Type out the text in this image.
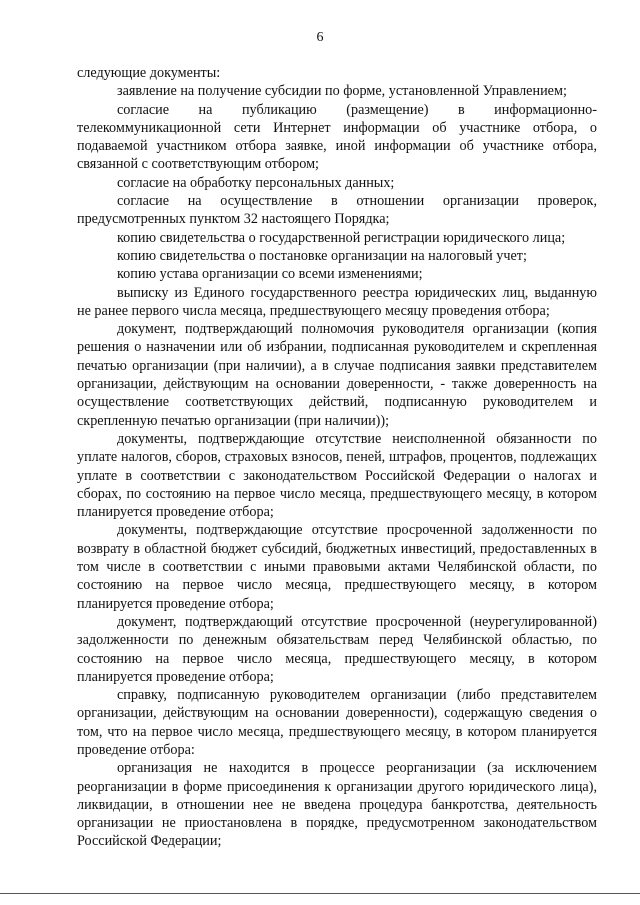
6

следующие документы:

заявление на получение субсидии по форме, установленной Управлением;

согласие на публикацию (размещение) в информационно-телекоммуникационной сети Интернет информации об участнике отбора, о подаваемой участником отбора заявке, иной информации об участнике отбора, связанной с соответствующим отбором;

согласие на обработку персональных данных;

согласие на осуществление в отношении организации проверок, предусмотренных пунктом 32 настоящего Порядка;

копию свидетельства о государственной регистрации юридического лица;

копию свидетельства о постановке организации на налоговый учет;

копию устава организации со всеми изменениями;

выписку из Единого государственного реестра юридических лиц, выданную не ранее первого числа месяца, предшествующего месяцу проведения отбора;

документ, подтверждающий полномочия руководителя организации (копия решения о назначении или об избрании, подписанная руководителем и скрепленная печатью организации (при наличии), а в случае подписания заявки представителем организации, действующим на основании доверенности, - также доверенность на осуществление соответствующих действий, подписанную руководителем и скрепленную печатью организации (при наличии));

документы, подтверждающие отсутствие неисполненной обязанности по уплате налогов, сборов, страховых взносов, пеней, штрафов, процентов, подлежащих уплате в соответствии с законодательством Российской Федерации о налогах и сборах, по состоянию на первое число месяца, предшествующего месяцу, в котором планируется проведение отбора;

документы, подтверждающие отсутствие просроченной задолженности по возврату в областной бюджет субсидий, бюджетных инвестиций, предоставленных в том числе в соответствии с иными правовыми актами Челябинской области, по состоянию на первое число месяца, предшествующего месяцу, в котором планируется проведение отбора;

документ, подтверждающий отсутствие просроченной (неурегулированной) задолженности по денежным обязательствам перед Челябинской областью, по состоянию на первое число месяца, предшествующего месяцу, в котором планируется проведение отбора;

справку, подписанную руководителем организации (либо представителем организации, действующим на основании доверенности), содержащую сведения о том, что на первое число месяца, предшествующего месяцу, в котором планируется проведение отбора:

организация не находится в процессе реорганизации (за исключением реорганизации в форме присоединения к организации другого юридического лица), ликвидации, в отношении нее не введена процедура банкротства, деятельность организации не приостановлена в порядке, предусмотренном законодательством Российской Федерации;
